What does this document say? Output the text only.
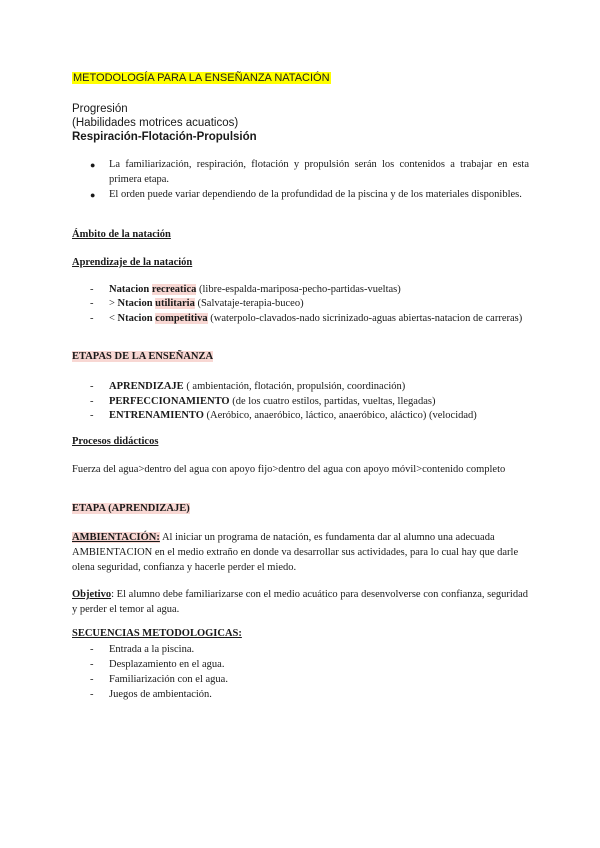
METODOLOGÍA PARA LA ENSEÑANZA NATACIÓN
Progresión
(Habilidades motrices acuaticos)
Respiración-Flotación-Propulsión
● La familiarización, respiración, flotación y propulsión serán los contenidos a trabajar en esta primera etapa.
● El orden puede variar dependiendo de la profundidad de la piscina y de los materiales disponibles.
Ámbito de la natación
Aprendizaje de la natación
- Natacion recreatica (libre-espalda-mariposa-pecho-partidas-vueltas)
- > Ntacion utilitaria (Salvataje-terapia-buceo)
- < Ntacion competitiva (waterpolo-clavados-nado sicrinizado-aguas abiertas-natacion de carreras)
ETAPAS DE LA ENSEÑANZA
- APRENDIZAJE ( ambientación, flotación, propulsión, coordinación)
- PERFECCIONAMIENTO (de los cuatro estilos, partidas, vueltas, llegadas)
- ENTRENAMIENTO (Aeróbico, anaeróbico, láctico, anaeróbico, aláctico) (velocidad)
Procesos didácticos
Fuerza del agua>dentro del agua con apoyo fijo>dentro del agua con apoyo móvil>contenido completo
ETAPA (APRENDIZAJE)
AMBIENTACIÓN: Al iniciar un programa de natación, es fundamenta dar al alumno una adecuada AMBIENTACION en el medio extraño en donde va desarrollar sus actividades, para lo cual hay que darle olena seguridad, confianza y hacerle perder el miedo.
Objetivo: El alumno debe familiarizarse con el medio acuático para desenvolverse con confianza, seguridad y perder el temor al agua.
SECUENCIAS METODOLOGICAS:
- Entrada a la piscina.
- Desplazamiento en el agua.
- Familiarización con el agua.
- Juegos de ambientación.
